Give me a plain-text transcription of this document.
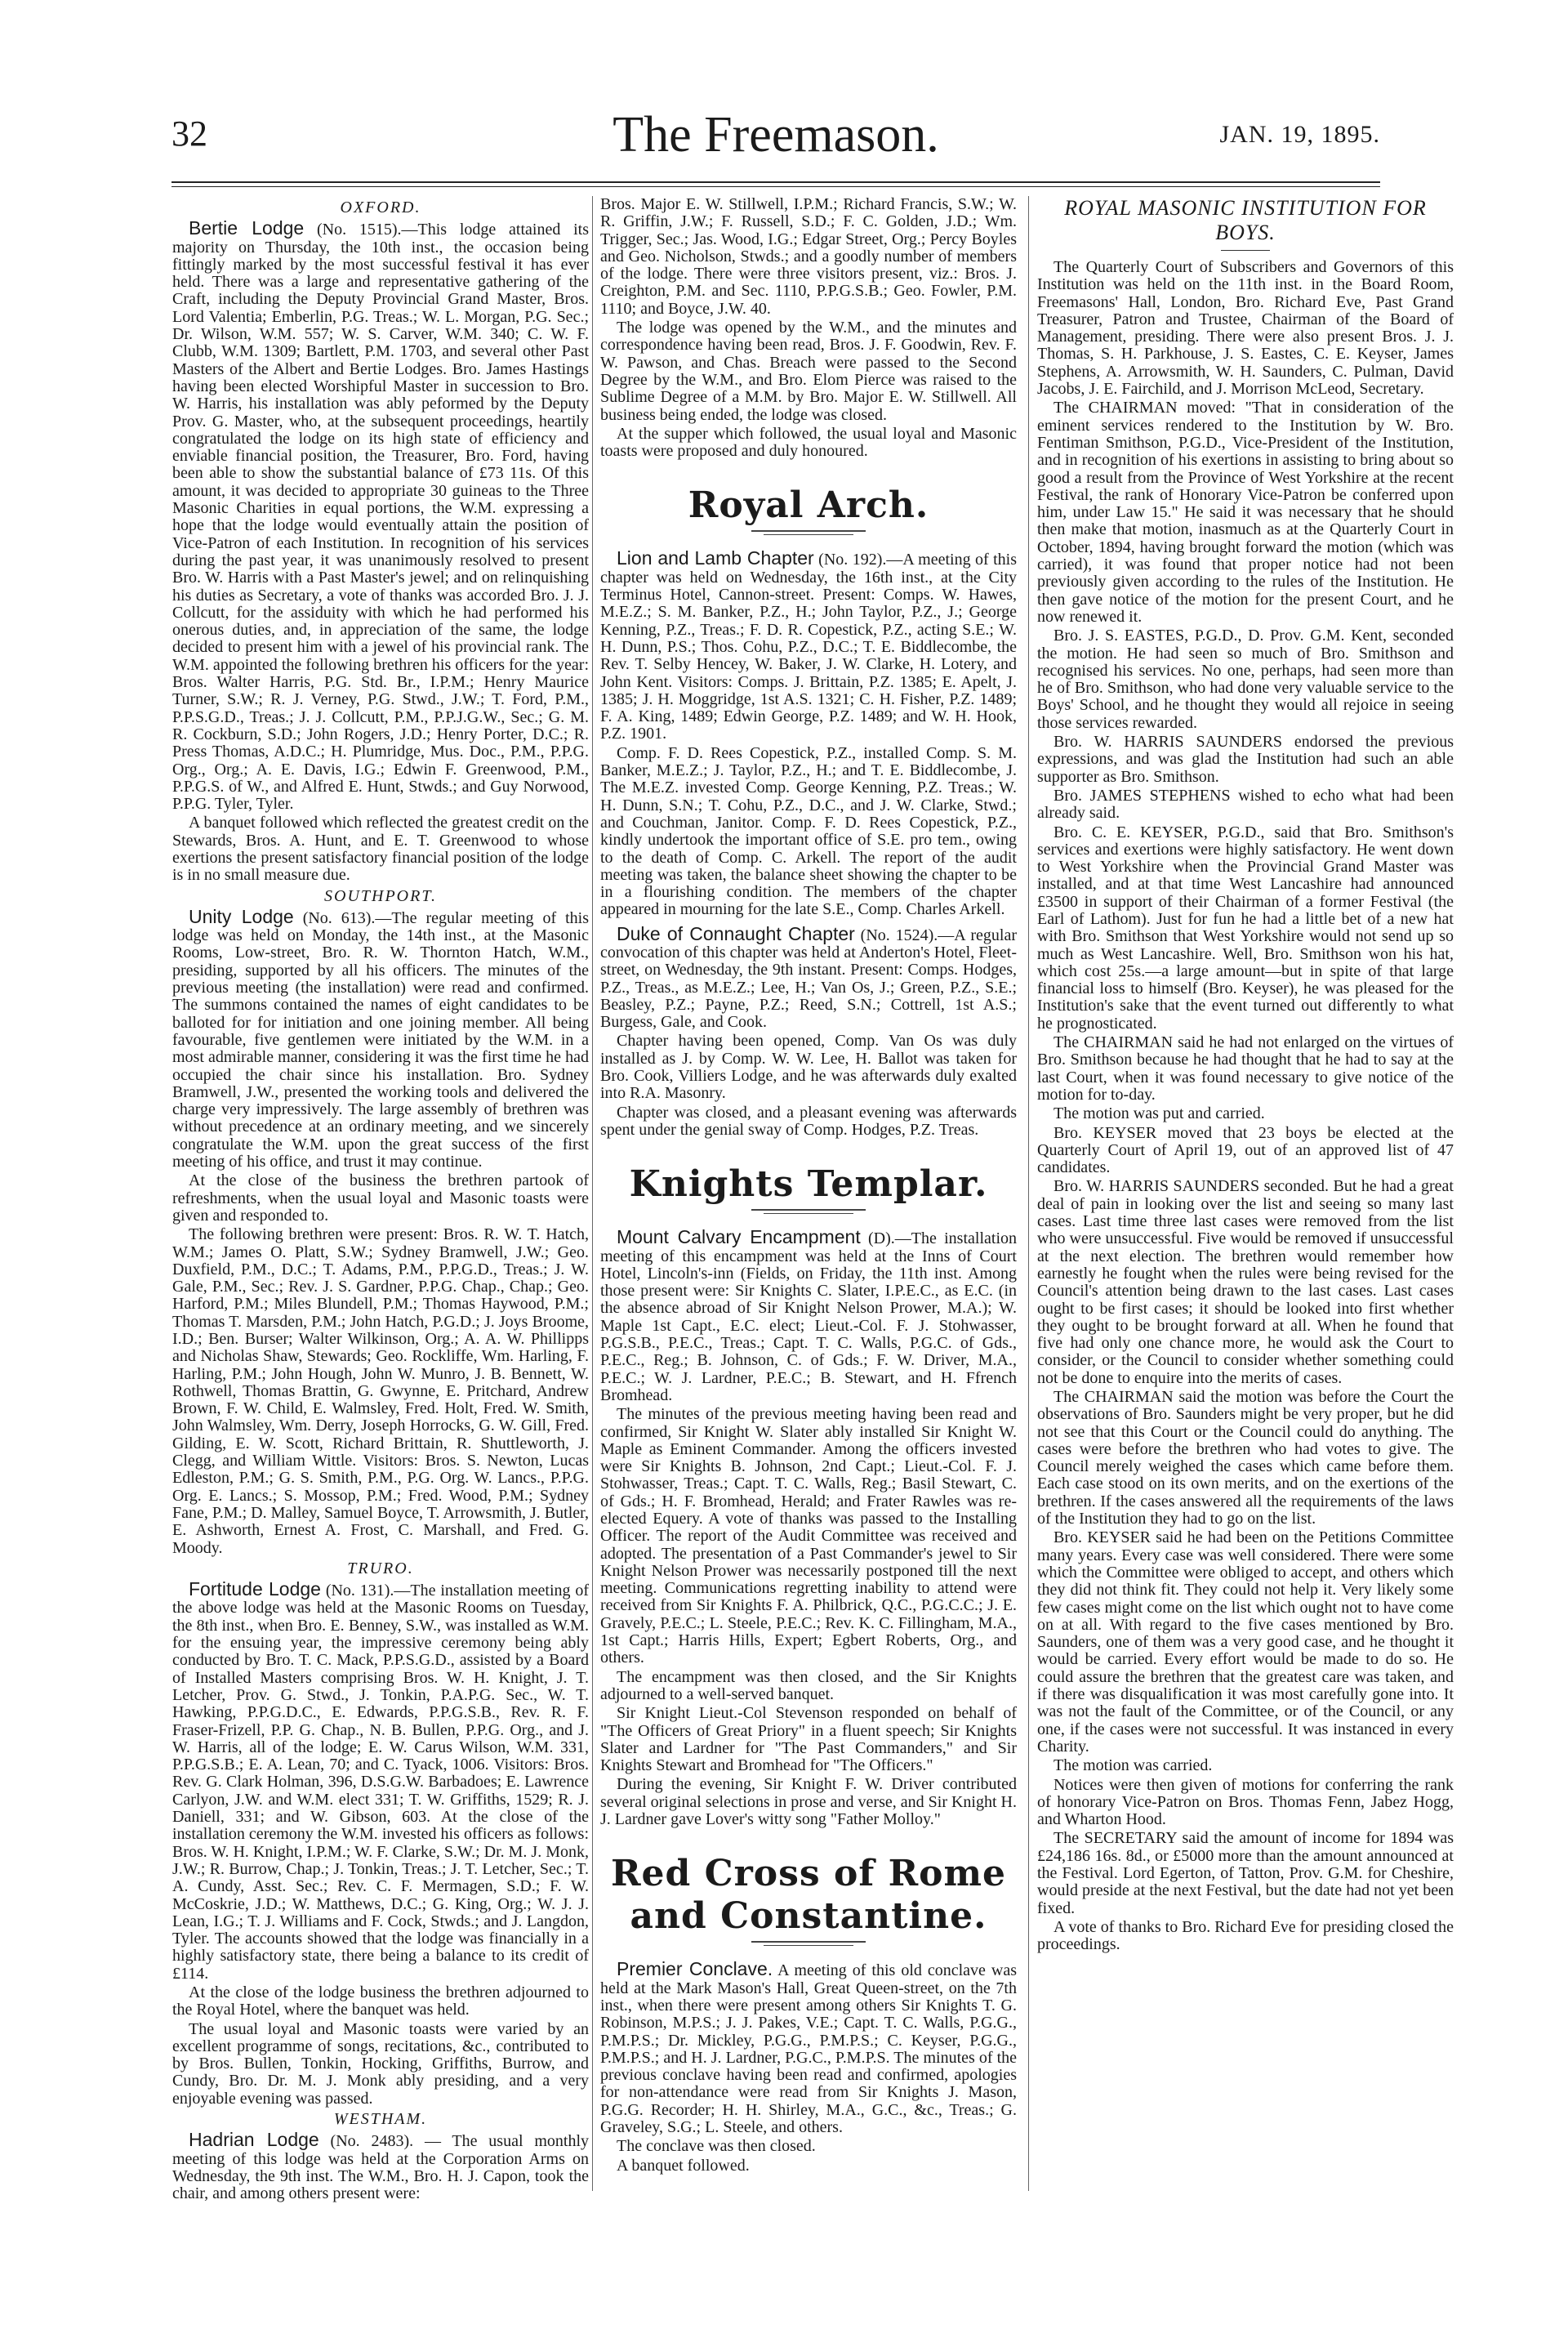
32	The Freemason.	JAN. 19, 1895.
OXFORD.

Bertie Lodge (No. 1515).—This lodge attained its majority on Thursday, the 10th inst., the occasion being fittingly marked by the most successful festival it has ever held. There was a large and representative gathering of the Craft, including the Deputy Provincial Grand Master, Bros. Lord Valentia; Emberlin, P.G. Treas.; W. L. Morgan, P.G. Sec.; Dr. Wilson, W.M. 557; W. S. Carver, W.M. 340; C. W. F. Clubb, W.M. 1309; Bartlett, P.M. 1703, and several other Past Masters of the Albert and Bertie Lodges. Bro. James Hastings having been elected Worshipful Master in succession to Bro. W. Harris, his installation was ably peformed by the Deputy Prov. G. Master, who, at the subsequent proceedings, heartily congratulated the lodge on its high state of efficiency and enviable financial position, the Treasurer, Bro. Ford, having been able to show the substantial balance of £73 11s. Of this amount, it was decided to appropriate 30 guineas to the Three Masonic Charities in equal portions, the W.M. expressing a hope that the lodge would eventually attain the position of Vice-Patron of each Institution. In recognition of his services during the past year, it was unanimously resolved to present Bro. W. Harris with a Past Master's jewel; and on relinquishing his duties as Secretary, a vote of thanks was accorded Bro. J. J. Collcutt, for the assiduity with which he had performed his onerous duties, and, in appreciation of the same, the lodge decided to present him with a jewel of his provincial rank. The W.M. appointed the following brethren his officers for the year: Bros. Walter Harris, P.G. Std. Br., I.P.M.; Henry Maurice Turner, S.W.; R. J. Verney, P.G. Stwd., J.W.; T. Ford, P.M., P.P.S.G.D., Treas.; J. J. Collcutt, P.M., P.P.J.G.W., Sec.; G. M. R. Cockburn, S.D.; John Rogers, J.D.; Henry Porter, D.C.; R. Press Thomas, A.D.C.; H. Plumridge, Mus. Doc., P.M., P.P.G. Org., Org.; A. E. Davis, I.G.; Edwin F. Greenwood, P.M., P.P.G.S. of W., and Alfred E. Hunt, Stwds.; and Guy Norwood, P.P.G. Tyler, Tyler.

A banquet followed which reflected the greatest credit on the Stewards, Bros. A. Hunt, and E. T. Greenwood to whose exertions the present satisfactory financial position of the lodge is in no small measure due.

SOUTHPORT.

Unity Lodge (No. 613).—The regular meeting of this lodge was held on Monday, the 14th inst., at the Masonic Rooms, Low-street, Bro. R. W. Thornton Hatch, W.M., presiding, supported by all his officers. The minutes of the previous meeting (the installation) were read and confirmed. The summons contained the names of eight candidates to be balloted for for initiation and one joining member. All being favourable, five gentlemen were initiated by the W.M. in a most admirable manner, considering it was the first time he had occupied the chair since his installation. Bro. Sydney Bramwell, J.W., presented the working tools and delivered the charge very impressively. The large assembly of brethren was without precedence at an ordinary meeting, and we sincerely congratulate the W.M. upon the great success of the first meeting of his office, and trust it may continue.

At the close of the business the brethren partook of refreshments, when the usual loyal and Masonic toasts were given and responded to.

The following brethren were present: Bros. R. W. T. Hatch, W.M.; James O. Platt, S.W.; Sydney Bramwell, J.W.; Geo. Duxfield, P.M., D.C.; T. Adams, P.M., P.P.G.D., Treas.; J. W. Gale, P.M., Sec.; Rev. J. S. Gardner, P.P.G. Chap., Chap.; Geo. Harford, P.M.; Miles Blundell, P.M.; Thomas Haywood, P.M.; Thomas T. Marsden, P.M.; John Hatch, P.G.D.; J. Joys Broome, I.D.; Ben. Burser; Walter Wilkinson, Org.; A. A. W. Phillipps and Nicholas Shaw, Stewards; Geo. Rockliffe, Wm. Harling, F. Harling, P.M.; John Hough, John W. Munro, J. B. Bennett, W. Rothwell, Thomas Brattin, G. Gwynne, E. Pritchard, Andrew Brown, F. W. Child, E. Walmsley, Fred. Holt, Fred. W. Smith, John Walmsley, Wm. Derry, Joseph Horrocks, G. W. Gill, Fred. Gilding, E. W. Scott, Richard Brittain, R. Shuttleworth, J. Clegg, and William Wittle. Visitors: Bros. S. Newton, Lucas Edleston, P.M.; G. S. Smith, P.M., P.G. Org. W. Lancs., P.P.G. Org. E. Lancs.; S. Mossop, P.M.; Fred. Wood, P.M.; Sydney Fane, P.M.; D. Malley, Samuel Boyce, T. Arrowsmith, J. Butler, E. Ashworth, Ernest A. Frost, C. Marshall, and Fred. G. Moody.

TRURO.

Fortitude Lodge (No. 131).—The installation meeting of the above lodge was held at the Masonic Rooms on Tuesday, the 8th inst., when Bro. E. Benney, S.W., was installed as W.M. for the ensuing year, the impressive ceremony being ably conducted by Bro. T. C. Mack, P.P.S.G.D., assisted by a Board of Installed Masters comprising Bros. W. H. Knight, J. T. Letcher, Prov. G. Stwd., J. Tonkin, P.A.P.G. Sec., W. T. Hawking, P.P.G.D.C., E. Edwards, P.P.G.S.B., Rev. R. F. Fraser-Frizell, P.P. G. Chap., N. B. Bullen, P.P.G. Org., and J. W. Harris, all of the lodge; E. W. Carus Wilson, W.M. 331, P.P.G.S.B.; E. A. Lean, 70; and C. Tyack, 1006. Visitors: Bros. Rev. G. Clark Holman, 396, D.S.G.W. Barbadoes; E. Lawrence Carlyon, J.W. and W.M. elect 331; T. W. Griffiths, 1529; R. J. Daniell, 331; and W. Gibson, 603. At the close of the installation ceremony the W.M. invested his officers as follows: Bros. W. H. Knight, I.P.M.; W. F. Clarke, S.W.; Dr. M. J. Monk, J.W.; R. Burrow, Chap.; J. Tonkin, Treas.; J. T. Letcher, Sec.; T. A. Cundy, Asst. Sec.; Rev. C. F. Mermagen, S.D.; F. W. McCoskrie, J.D.; W. Matthews, D.C.; G. King, Org.; W. J. J. Lean, I.G.; T. J. Williams and F. Cock, Stwds.; and J. Langdon, Tyler. The accounts showed that the lodge was financially in a highly satisfactory state, there being a balance to its credit of £114.

At the close of the lodge business the brethren adjourned to the Royal Hotel, where the banquet was held.

The usual loyal and Masonic toasts were varied by an excellent programme of songs, recitations, &c., contributed to by Bros. Bullen, Tonkin, Hocking, Griffiths, Burrow, and Cundy, Bro. Dr. M. J. Monk ably presiding, and a very enjoyable evening was passed.

WESTHAM.

Hadrian Lodge (No. 2483). — The usual monthly meeting of this lodge was held at the Corporation Arms on Wednesday, the 9th inst. The W.M., Bro. H. J. Capon, took the chair, and among others present were:

Bros. Major E. W. Stillwell, I.P.M.; Richard Francis, S.W.; W. R. Griffin, J.W.; F. Russell, S.D.; F. C. Golden, J.D.; Wm. Trigger, Sec.; Jas. Wood, I.G.; Edgar Street, Org.; Percy Boyles and Geo. Nicholson, Stwds.; and a goodly number of members of the lodge. There were three visitors present, viz.: Bros. J. Creighton, P.M. and Sec. 1110, P.P.G.S.B.; Geo. Fowler, P.M. 1110; and Boyce, J.W. 40.

The lodge was opened by the W.M., and the minutes and correspondence having been read, Bros. J. F. Goodwin, Rev. F. W. Pawson, and Chas. Breach were passed to the Second Degree by the W.M., and Bro. Elom Pierce was raised to the Sublime Degree of a M.M. by Bro. Major E. W. Stillwell. All business being ended, the lodge was closed.

At the supper which followed, the usual loyal and Masonic toasts were proposed and duly honoured.

Royal Arch.

Lion and Lamb Chapter (No. 192).—A meeting of this chapter was held on Wednesday, the 16th inst., at the City Terminus Hotel, Cannon-street. Present: Comps. W. Hawes, M.E.Z.; S. M. Banker, P.Z., H.; John Taylor, P.Z., J.; George Kenning, P.Z., Treas.; F. D. R. Copestick, P.Z., acting S.E.; W. H. Dunn, P.S.; Thos. Cohu, P.Z., D.C.; T. E. Biddlecombe, the Rev. T. Selby Hencey, W. Baker, J. W. Clarke, H. Lotery, and John Kent. Visitors: Comps. J. Brittain, P.Z. 1385; E. Apelt, J. 1385; J. H. Moggridge, 1st A.S. 1321; C. H. Fisher, P.Z. 1489; F. A. King, 1489; Edwin George, P.Z. 1489; and W. H. Hook, P.Z. 1901.

Comp. F. D. Rees Copestick, P.Z., installed Comp. S. M. Banker, M.E.Z.; J. Taylor, P.Z., H.; and T. E. Biddlecombe, J. The M.E.Z. invested Comp. George Kenning, P.Z. Treas.; W. H. Dunn, S.N.; T. Cohu, P.Z., D.C., and J. W. Clarke, Stwd.; and Couchman, Janitor. Comp. F. D. Rees Copestick, P.Z., kindly undertook the important office of S.E. pro tem., owing to the death of Comp. C. Arkell. The report of the audit meeting was taken, the balance sheet showing the chapter to be in a flourishing condition. The members of the chapter appeared in mourning for the late S.E., Comp. Charles Arkell.

Duke of Connaught Chapter (No. 1524).—A regular convocation of this chapter was held at Anderton's Hotel, Fleet-street, on Wednesday, the 9th instant. Present: Comps. Hodges, P.Z., Treas., as M.E.Z.; Lee, H.; Van Os, J.; Green, P.Z., S.E.; Beasley, P.Z.; Payne, P.Z.; Reed, S.N.; Cottrell, 1st A.S.; Burgess, Gale, and Cook.

Chapter having been opened, Comp. Van Os was duly installed as J. by Comp. W. W. Lee, H. Ballot was taken for Bro. Cook, Villiers Lodge, and he was afterwards duly exalted into R.A. Masonry.

Chapter was closed, and a pleasant evening was afterwards spent under the genial sway of Comp. Hodges, P.Z. Treas.

Knights Templar.

Mount Calvary Encampment (D).—The installation meeting of this encampment was held at the Inns of Court Hotel, Lincoln's-inn (Fields, on Friday, the 11th inst. Among those present were: Sir Knights C. Slater, I.P.E.C., as E.C. (in the absence abroad of Sir Knight Nelson Prower, M.A.); W. Maple 1st Capt., E.C. elect; Lieut.-Col. F. J. Stohwasser, P.G.S.B., P.E.C., Treas.; Capt. T. C. Walls, P.G.C. of Gds., P.E.C., Reg.; B. Johnson, C. of Gds.; F. W. Driver, M.A., P.E.C.; W. J. Lardner, P.E.C.; B. Stewart, and H. Ffrench Bromhead.

The minutes of the previous meeting having been read and confirmed, Sir Knight W. Slater ably installed Sir Knight W. Maple as Eminent Commander. Among the officers invested were Sir Knights B. Johnson, 2nd Capt.; Lieut.-Col. F. J. Stohwasser, Treas.; Capt. T. C. Walls, Reg.; Basil Stewart, C. of Gds.; H. F. Bromhead, Herald; and Frater Rawles was re-elected Equery. A vote of thanks was passed to the Installing Officer. The report of the Audit Committee was received and adopted. The presentation of a Past Commander's jewel to Sir Knight Nelson Prower was necessarily postponed till the next meeting. Communications regretting inability to attend were received from Sir Knights F. A. Philbrick, Q.C., P.G.C.C.; J. E. Gravely, P.E.C.; L. Steele, P.E.C.; Rev. K. C. Fillingham, M.A., 1st Capt.; Harris Hills, Expert; Egbert Roberts, Org., and others.

The encampment was then closed, and the Sir Knights adjourned to a well-served banquet.

Sir Knight Lieut.-Col Stevenson responded on behalf of "The Officers of Great Priory" in a fluent speech; Sir Knights Slater and Lardner for "The Past Commanders," and Sir Knights Stewart and Bromhead for "The Officers."

During the evening, Sir Knight F. W. Driver contributed several original selections in prose and verse, and Sir Knight H. J. Lardner gave Lover's witty song "Father Molloy."

Red Cross of Rome and Constantine.

Premier Conclave. A meeting of this old conclave was held at the Mark Mason's Hall, Great Queen-street, on the 7th inst., when there were present among others Sir Knights T. G. Robinson, M.P.S.; J. J. Pakes, V.E.; Capt. T. C. Walls, P.G.G., P.M.P.S.; Dr. Mickley, P.G.G., P.M.P.S.; C. Keyser, P.G.G., P.M.P.S.; and H. J. Lardner, P.G.C., P.M.P.S. The minutes of the previous conclave having been read and confirmed, apologies for non-attendance were read from Sir Knights J. Mason, P.G.G. Recorder; H. H. Shirley, M.A., G.C., &c., Treas.; G. Graveley, S.G.; L. Steele, and others.

The conclave was then closed.

A banquet followed.

ROYAL MASONIC INSTITUTION FOR BOYS.

The Quarterly Court of Subscribers and Governors of this Institution was held on the 11th inst. in the Board Room, Freemasons' Hall, London, Bro. Richard Eve, Past Grand Treasurer, Patron and Trustee, Chairman of the Board of Management, presiding. There were also present Bros. J. J. Thomas, S. H. Parkhouse, J. S. Eastes, C. E. Keyser, James Stephens, A. Arrowsmith, W. H. Saunders, C. Pulman, David Jacobs, J. E. Fairchild, and J. Morrison McLeod, Secretary.

The CHAIRMAN moved: "That in consideration of the eminent services rendered to the Institution by W. Bro. Fentiman Smithson, P.G.D., Vice-President of the Institution, and in recognition of his exertions in assisting to bring about so good a result from the Province of West Yorkshire at the recent Festival, the rank of Honorary Vice-Patron be conferred upon him, under Law 15." He said it was necessary that he should then make that motion, inasmuch as at the Quarterly Court in October, 1894, having brought forward the motion (which was carried), it was found that proper notice had not been previously given according to the rules of the Institution. He then gave notice of the motion for the present Court, and he now renewed it.

Bro. J. S. EASTES, P.G.D., D. Prov. G.M. Kent, seconded the motion. He had seen so much of Bro. Smithson and recognised his services. No one, perhaps, had seen more than he of Bro. Smithson, who had done very valuable service to the Boys' School, and he thought they would all rejoice in seeing those services rewarded.

Bro. W. HARRIS SAUNDERS endorsed the previous expressions, and was glad the Institution had such an able supporter as Bro. Smithson.

Bro. JAMES STEPHENS wished to echo what had been already said.

Bro. C. E. KEYSER, P.G.D., said that Bro. Smithson's services and exertions were highly satisfactory. He went down to West Yorkshire when the Provincial Grand Master was installed, and at that time West Lancashire had announced £3500 in support of their Chairman of a former Festival (the Earl of Lathom). Just for fun he had a little bet of a new hat with Bro. Smithson that West Yorkshire would not send up so much as West Lancashire. Well, Bro. Smithson won his hat, which cost 25s.—a large amount—but in spite of that large financial loss to himself (Bro. Keyser), he was pleased for the Institution's sake that the event turned out differently to what he prognosticated.

The CHAIRMAN said he had not enlarged on the virtues of Bro. Smithson because he had thought that he had to say at the last Court, when it was found necessary to give notice of the motion for to-day.

The motion was put and carried.

Bro. KEYSER moved that 23 boys be elected at the Quarterly Court of April 19, out of an approved list of 47 candidates.

Bro. W. HARRIS SAUNDERS seconded. But he had a great deal of pain in looking over the list and seeing so many last cases. Last time three last cases were removed from the list who were unsuccessful. Five would be removed if unsuccessful at the next election. The brethren would remember how earnestly he fought when the rules were being revised for the Council's attention being drawn to the last cases. Last cases ought to be first cases; it should be looked into first whether they ought to be brought forward at all. When he found that five had only one chance more, he would ask the Court to consider, or the Council to consider whether something could not be done to enquire into the merits of cases.

The CHAIRMAN said the motion was before the Court the observations of Bro. Saunders might be very proper, but he did not see that this Court or the Council could do anything. The cases were before the brethren who had votes to give. The Council merely weighed the cases which came before them. Each case stood on its own merits, and on the exertions of the brethren. If the cases answered all the requirements of the laws of the Institution they had to go on the list.

Bro. KEYSER said he had been on the Petitions Committee many years. Every case was well considered. There were some which the Committee were obliged to accept, and others which they did not think fit. They could not help it. Very likely some few cases might come on the list which ought not to have come on at all. With regard to the five cases mentioned by Bro. Saunders, one of them was a very good case, and he thought it would be carried. Every effort would be made to do so. He could assure the brethren that the greatest care was taken, and if there was disqualification it was most carefully gone into. It was not the fault of the Committee, or of the Council, or any one, if the cases were not successful. It was instanced in every Charity.

The motion was carried.

Notices were then given of motions for conferring the rank of honorary Vice-Patron on Bros. Thomas Fenn, Jabez Hogg, and Wharton Hood.

The SECRETARY said the amount of income for 1894 was £24,186 16s. 8d., or £5000 more than the amount announced at the Festival. Lord Egerton, of Tatton, Prov. G.M. for Cheshire, would preside at the next Festival, but the date had not yet been fixed.

A vote of thanks to Bro. Richard Eve for presiding closed the proceedings.
